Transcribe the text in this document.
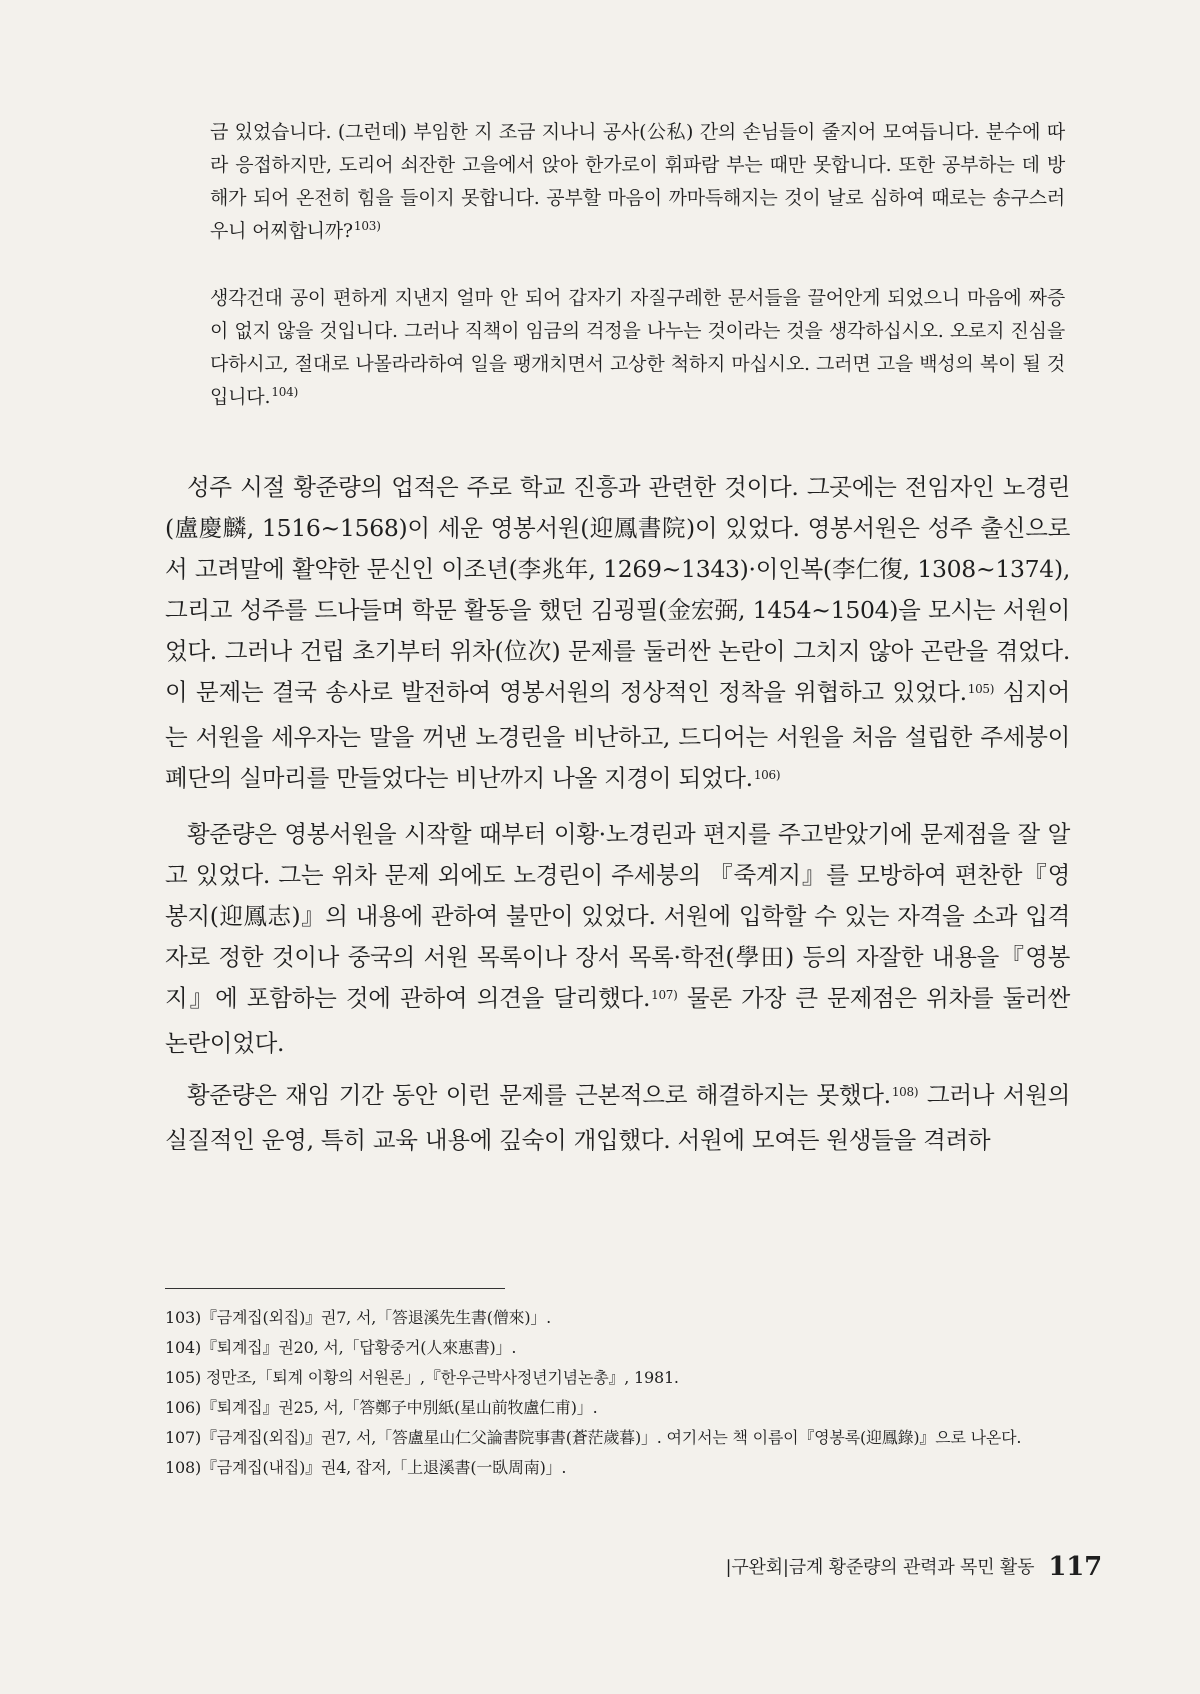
금 있었습니다. (그런데) 부임한 지 조금 지나니 공사(公私) 간의 손님들이 줄지어 모여듭니다. 분수에 따라 응접하지만, 도리어 쇠잔한 고을에서 앉아 한가로이 휘파람 부는 때만 못합니다. 또한 공부하는 데 방해가 되어 온전히 힘을 들이지 못합니다. 공부할 마음이 까마득해지는 것이 날로 심하여 때로는 송구스러우니 어찌합니까?$^{103)}$

생각건대 공이 편하게 지낸지 얼마 안 되어 갑자기 자질구레한 문서들을 끌어안게 되었으니 마음에 짜증이 없지 않을 것입니다. 그러나 직책이 임금의 걱정을 나누는 것이라는 것을 생각하십시오. 오로지 진심을 다하시고, 절대로 나몰라라하여 일을 팽개치면서 고상한 척하지 마십시오. 그러면 고을 백성의 복이 될 것입니다.$^{104)}$

성주 시절 황준량의 업적은 주로 학교 진흥과 관련한 것이다. 그곳에는 전임자인 노경린(盧慶麟, 1516~1568)이 세운 영봉서원(迎鳳書院)이 있었다. 영봉서원은 성주 출신으로서 고려말에 활약한 문신인 이조년(李兆年, 1269~1343)·이인복(李仁復, 1308~1374), 그리고 성주를 드나들며 학문 활동을 했던 김굉필(金宏弼, 1454~1504)을 모시는 서원이었다. 그러나 건립 초기부터 위차(位次) 문제를 둘러싼 논란이 그치지 않아 곤란을 겪었다. 이 문제는 결국 송사로 발전하여 영봉서원의 정상적인 정착을 위협하고 있었다.$^{105)}$ 심지어는 서원을 세우자는 말을 꺼낸 노경린을 비난하고, 드디어는 서원을 처음 설립한 주세붕이 폐단의 실마리를 만들었다는 비난까지 나올 지경이 되었다.$^{106)}$

황준량은 영봉서원을 시작할 때부터 이황·노경린과 편지를 주고받았기에 문제점을 잘 알고 있었다. 그는 위차 문제 외에도 노경린이 주세붕의 『죽계지』를 모방하여 편찬한『영봉지(迎鳳志)』의 내용에 관하여 불만이 있었다. 서원에 입학할 수 있는 자격을 소과 입격자로 정한 것이나 중국의 서원 목록이나 장서 목록·학전(學田) 등의 자잘한 내용을『영봉지』에 포함하는 것에 관하여 의견을 달리했다.$^{107)}$ 물론 가장 큰 문제점은 위차를 둘러싼 논란이었다.

황준량은 재임 기간 동안 이런 문제를 근본적으로 해결하지는 못했다.$^{108)}$ 그러나 서원의 실질적인 운영, 특히 교육 내용에 깊숙이 개입했다. 서원에 모여든 원생들을 격려하

103)『금계집(외집)』권7, 서,「答退溪先生書(僧來)」.

104)『퇴계집』권20, 서,「답황중거(人來惠書)」.

105) 정만조,「퇴계 이황의 서원론」,『한우근박사정년기념논총』, 1981.

106)『퇴계집』권25, 서,「答鄭子中別紙(星山前牧盧仁甫)」.

107)『금계집(외집)』권7, 서,「答盧星山仁父論書院事書(蒼茫歲暮)」. 여기서는 책 이름이『영봉록(迎鳳錄)』으로 나온다.

108)『금계집(내집)』권4, 잡저,「上退溪書(一臥周南)」.

|구완회|금계 황준량의 관력과 목민 활동 117
